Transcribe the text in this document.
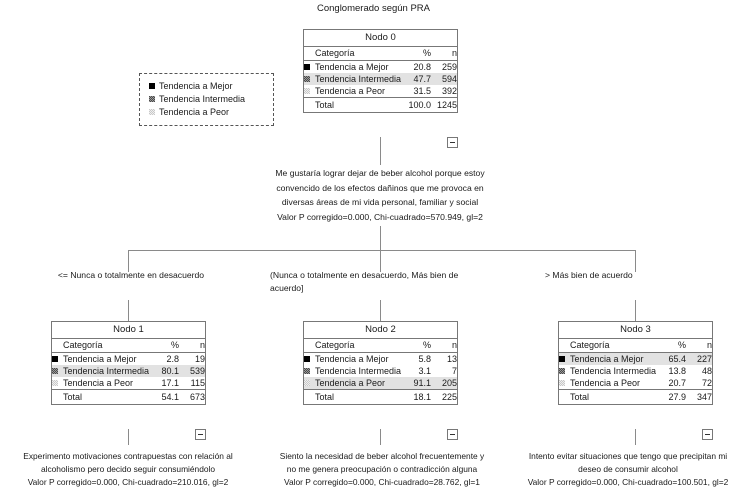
Conglomerado según PRA
Tendencia a Mejor
Tendencia Intermedia
Tendencia a Peor
Nodo 0
Categoría		%	n

	Tendencia a Mejor	20.8	259
	Tendencia Intermedia	47.7	594
	Tendencia a Peor	31.5	392

	Total	100.0	1245
Me gustaría lograr dejar de beber alcohol porque estoy
convencido de los efectos dañinos que me provoca en
diversas áreas de mi vida personal, familiar y social
Valor P corregido=0.000, Chi-cuadrado=570.949, gl=2
<= Nunca o totalmente en desacuerdo	(Nunca o totalmente en desacuerdo, Más bien de
acuerdo]
> Más bien de acuerdo
Nodo 1
Categoría		%	n

	Tendencia a Mejor	2.8	19
	Tendencia Intermedia	80.1	539
	Tendencia a Peor	17.1	115

	Total	54.1	673
Nodo 2
Categoría		%	n

	Tendencia a Mejor	5.8	13
	Tendencia Intermedia	3.1	7
	Tendencia a Peor	91.1	205

	Total	18.1	225
Nodo 3
Categoría		%	n

	Tendencia a Mejor	65.4	227
	Tendencia Intermedia	13.8	48
	Tendencia a Peor	20.7	72

	Total	27.9	347
Experimento motivaciones contrapuestas con relación al
alcoholismo pero decido seguir consumiéndolo
Valor P corregido=0.000, Chi-cuadrado=210.016, gl=2
Siento la necesidad de beber alcohol frecuentemente y
no me genera preocupación o contradicción alguna
Valor P corregido=0.000, Chi-cuadrado=28.762, gl=1
Intento evitar situaciones que tengo que precipitan mi
deseo de consumir alcohol
Valor P corregido=0.000, Chi-cuadrado=100.501, gl=2
